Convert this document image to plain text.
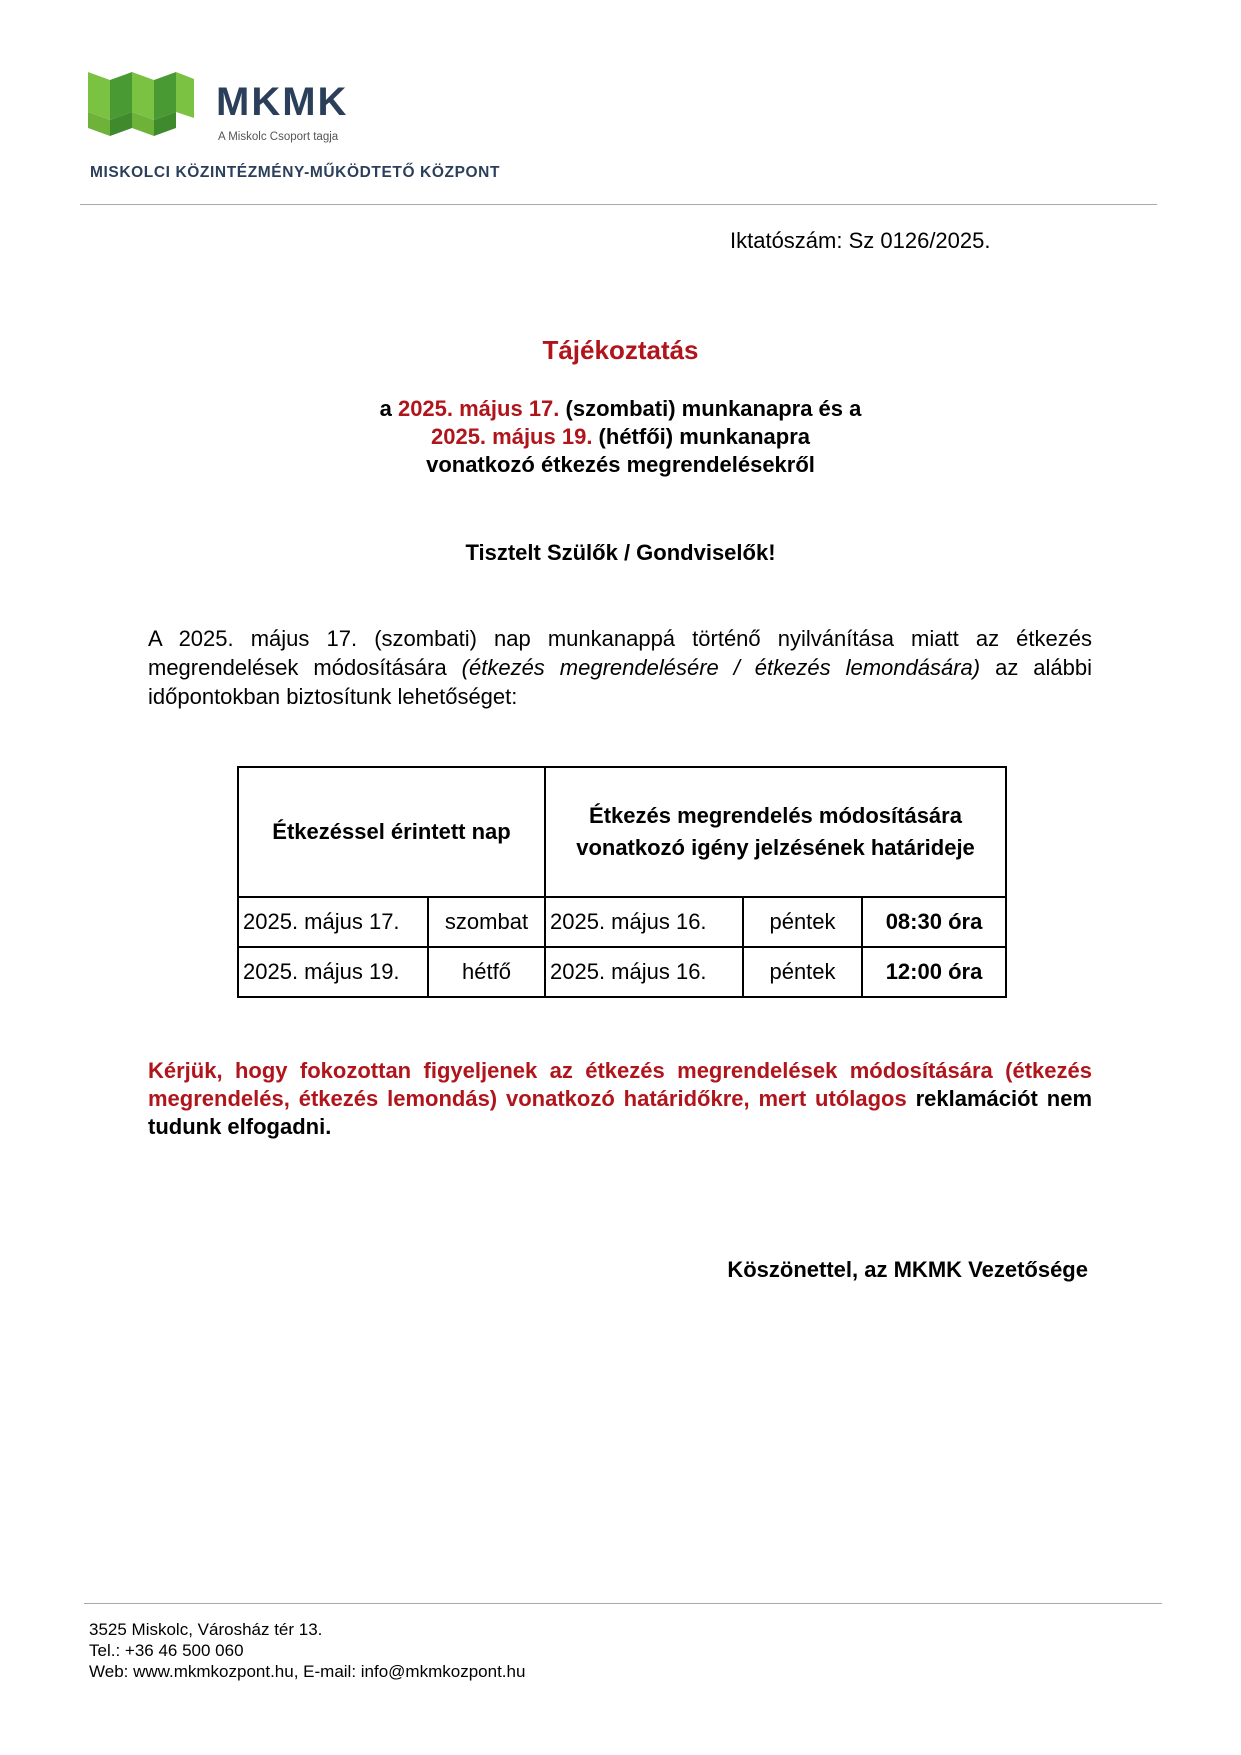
MKMK
A Miskolc Csoport tagja
MISKOLCI KÖZINTÉZMÉNY-MŰKÖDTETŐ KÖZPONT
Iktatószám: Sz 0126/2025.
Tájékoztatás
a 2025. május 17. (szombati) munkanapra és a
2025. május 19. (hétfői) munkanapra
vonatkozó étkezés megrendelésekről
Tisztelt Szülők / Gondviselők!
A 2025. május 17. (szombati) nap munkanappá történő nyilvánítása miatt az étkezés megrendelések módosítására (étkezés megrendelésére / étkezés lemondására) az alábbi időpontokban biztosítunk lehetőséget:
Étkezéssel érintett nap		Étkezés megrendelés módosítására vonatkozó igény jelzésének határideje		
2025. május 17.	szombat	2025. május 16.	péntek	08:30 óra
2025. május 19.	hétfő	2025. május 16.	péntek	12:00 óra
Kérjük, hogy fokozottan figyeljenek az étkezés megrendelések módosítására (étkezés megrendelés, étkezés lemondás) vonatkozó határidőkre, mert utólagos reklamációt nem tudunk elfogadni.
Köszönettel, az MKMK Vezetősége
3525 Miskolc, Városház tér 13.
Tel.: +36 46 500 060
Web: www.mkmkozpont.hu, E-mail: info@mkmkozpont.hu
